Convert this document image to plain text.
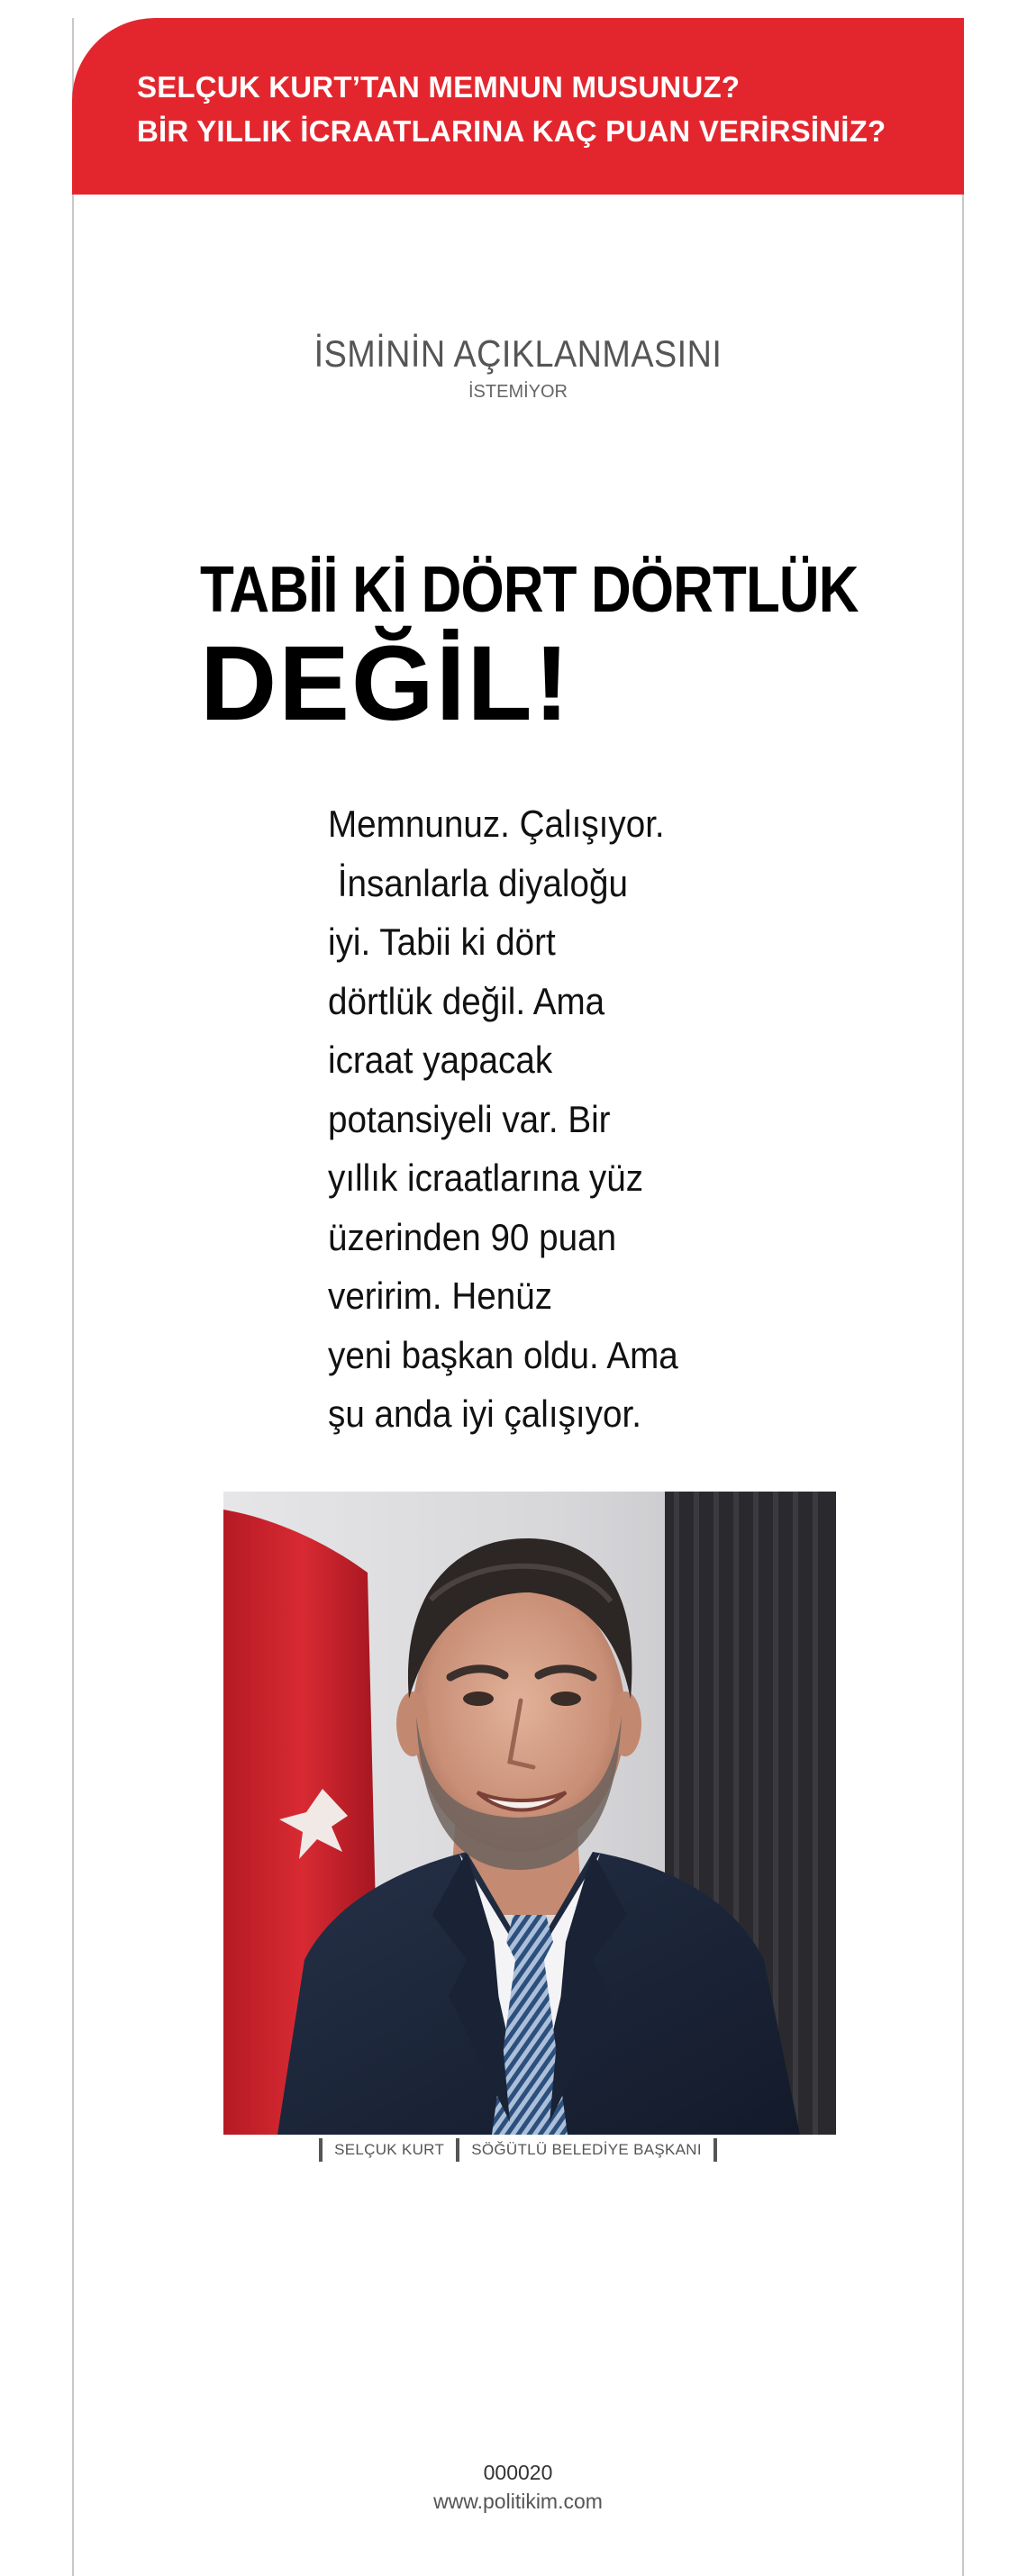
SELÇUK KURT’TAN MEMNUN MUSUNUZ?
BİR YILLIK İCRAATLARINA KAÇ PUAN VERİRSİNİZ?
İSMİNİN AÇIKLANMASINI
İSTEMİYOR
TABİİ Kİ DÖRT DÖRTLÜK
DEĞİL!
Memnunuz. Çalışıyor.
İnsanlarla diyaloğu
iyi. Tabii ki dört
dörtlük değil. Ama
icraat yapacak
potansiyeli var. Bir
yıllık icraatlarına yüz
üzerinden 90 puan
veririm. Henüz
yeni başkan oldu. Ama
şu anda iyi çalışıyor.
SELÇUK KURT SÖĞÜTLÜ BELEDİYE BAŞKANI
000020
www.politikim.com
